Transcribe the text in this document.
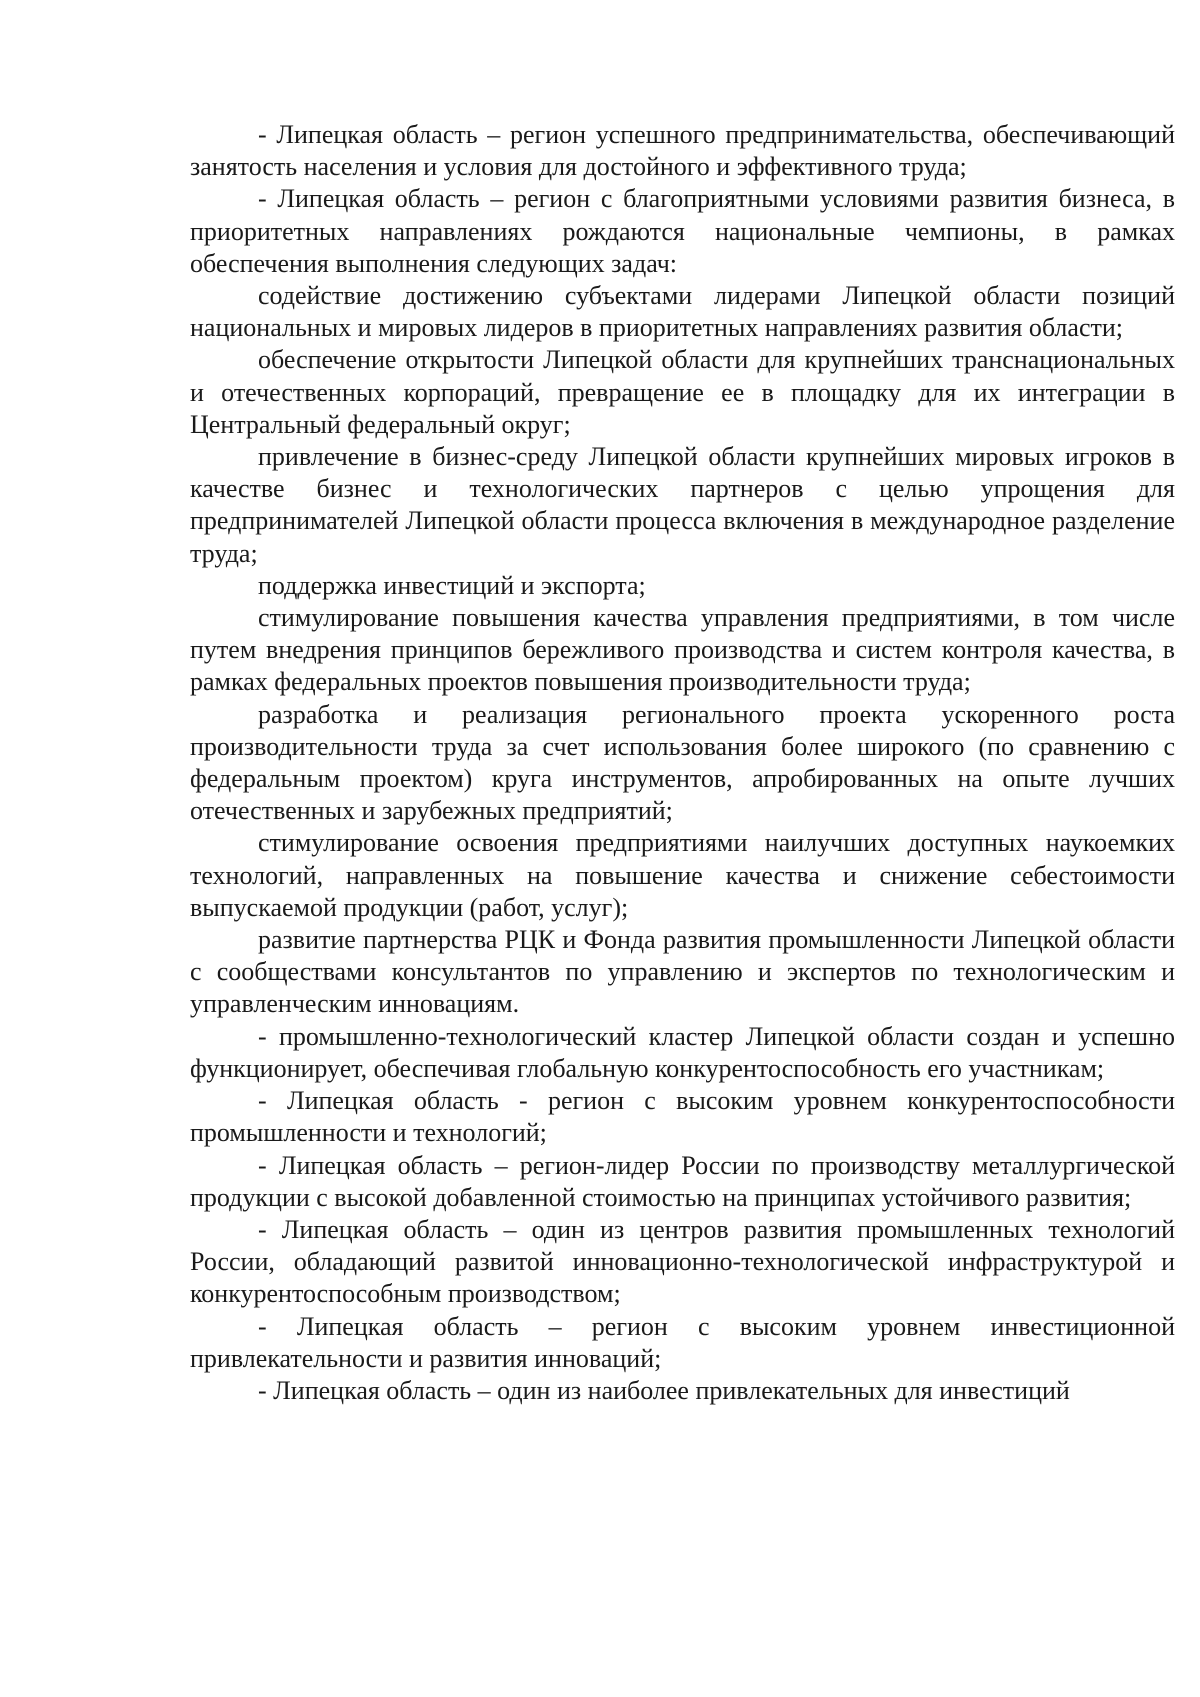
- Липецкая область – регион успешного предпринимательства, обеспечивающий занятость населения и условия для достойного и эффективного труда;

- Липецкая область – регион с благоприятными условиями развития бизнеса, в приоритетных направлениях рождаются национальные чемпионы, в рамках обеспечения выполнения следующих задач:

содействие достижению субъектами лидерами Липецкой области позиций национальных и мировых лидеров в приоритетных направлениях развития области;

обеспечение открытости Липецкой области для крупнейших транснациональных и отечественных корпораций, превращение ее в площадку для их интеграции в Центральный федеральный округ;

привлечение в бизнес-среду Липецкой области крупнейших мировых игроков в качестве бизнес и технологических партнеров с целью упрощения для предпринимателей Липецкой области процесса включения в международное разделение труда;

поддержка инвестиций и экспорта;

стимулирование повышения качества управления предприятиями, в том числе путем внедрения принципов бережливого производства и систем контроля качества, в рамках федеральных проектов повышения производительности труда;

разработка и реализация регионального проекта ускоренного роста производительности труда за счет использования более широкого (по сравнению с федеральным проектом) круга инструментов, апробированных на опыте лучших отечественных и зарубежных предприятий;

стимулирование освоения предприятиями наилучших доступных наукоемких технологий, направленных на повышение качества и снижение себестоимости выпускаемой продукции (работ, услуг);

развитие партнерства РЦК и Фонда развития промышленности Липецкой области с сообществами консультантов по управлению и экспертов по технологическим и управленческим инновациям.

- промышленно-технологический кластер Липецкой области создан и успешно функционирует, обеспечивая глобальную конкурентоспособность его участникам;

- Липецкая область - регион с высоким уровнем конкурентоспособности промышленности и технологий;

- Липецкая область – регион-лидер России по производству металлургической продукции с высокой добавленной стоимостью на принципах устойчивого развития;

- Липецкая область – один из центров развития промышленных технологий России, обладающий развитой инновационно-технологической инфраструктурой и конкурентоспособным производством;

- Липецкая область – регион с высоким уровнем инвестиционной привлекательности и развития инноваций;

- Липецкая область – один из наиболее привлекательных для инвестиций
